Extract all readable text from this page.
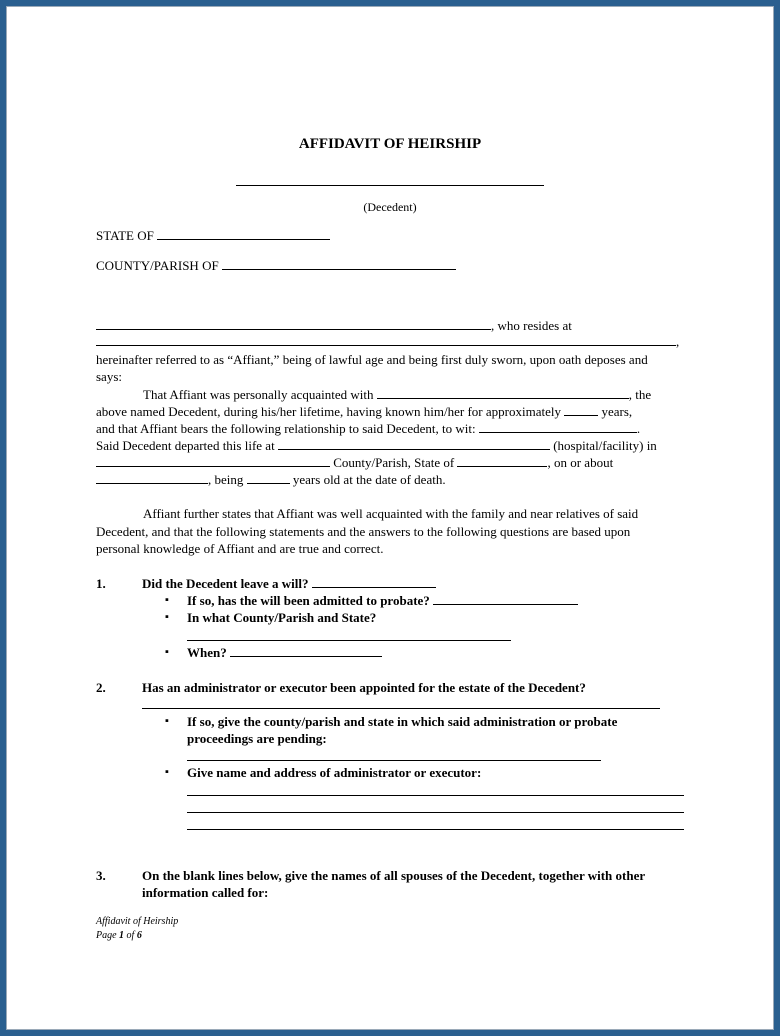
AFFIDAVIT OF HEIRSHIP
(Decedent)
STATE OF
COUNTY/PARISH OF
, who resides at
,
hereinafter referred to as “Affiant,” being of lawful age and being first duly sworn, upon oath deposes and
says:
That Affiant was personally acquainted with	, the
above named Decedent, during his/her lifetime, having known him/her for approximately	years,
and that Affiant bears the following relationship to said Decedent, to wit:	.
Said Decedent departed this life at	(hospital/facility) in
County/Parish, State of	, on or about
, being	years old at the date of death.
Affiant further states that Affiant was well acquainted with the family and near relatives of said
Decedent, and that the following statements and the answers to the following questions are based upon
personal knowledge of Affiant and are true and correct.
1.	Did the Decedent leave a will?
▪ If so, has the will been admitted to probate?
▪ In what County/Parish and State?
▪ When?
2.	Has an administrator or executor been appointed for the estate of the Decedent?
▪ If so, give the county/parish and state in which said administration or probate
proceedings are pending:
▪ Give name and address of administrator or executor:
3.	On the blank lines below, give the names of all spouses of the Decedent, together with other
information called for:
Affidavit of Heirship
Page 1 of 6
